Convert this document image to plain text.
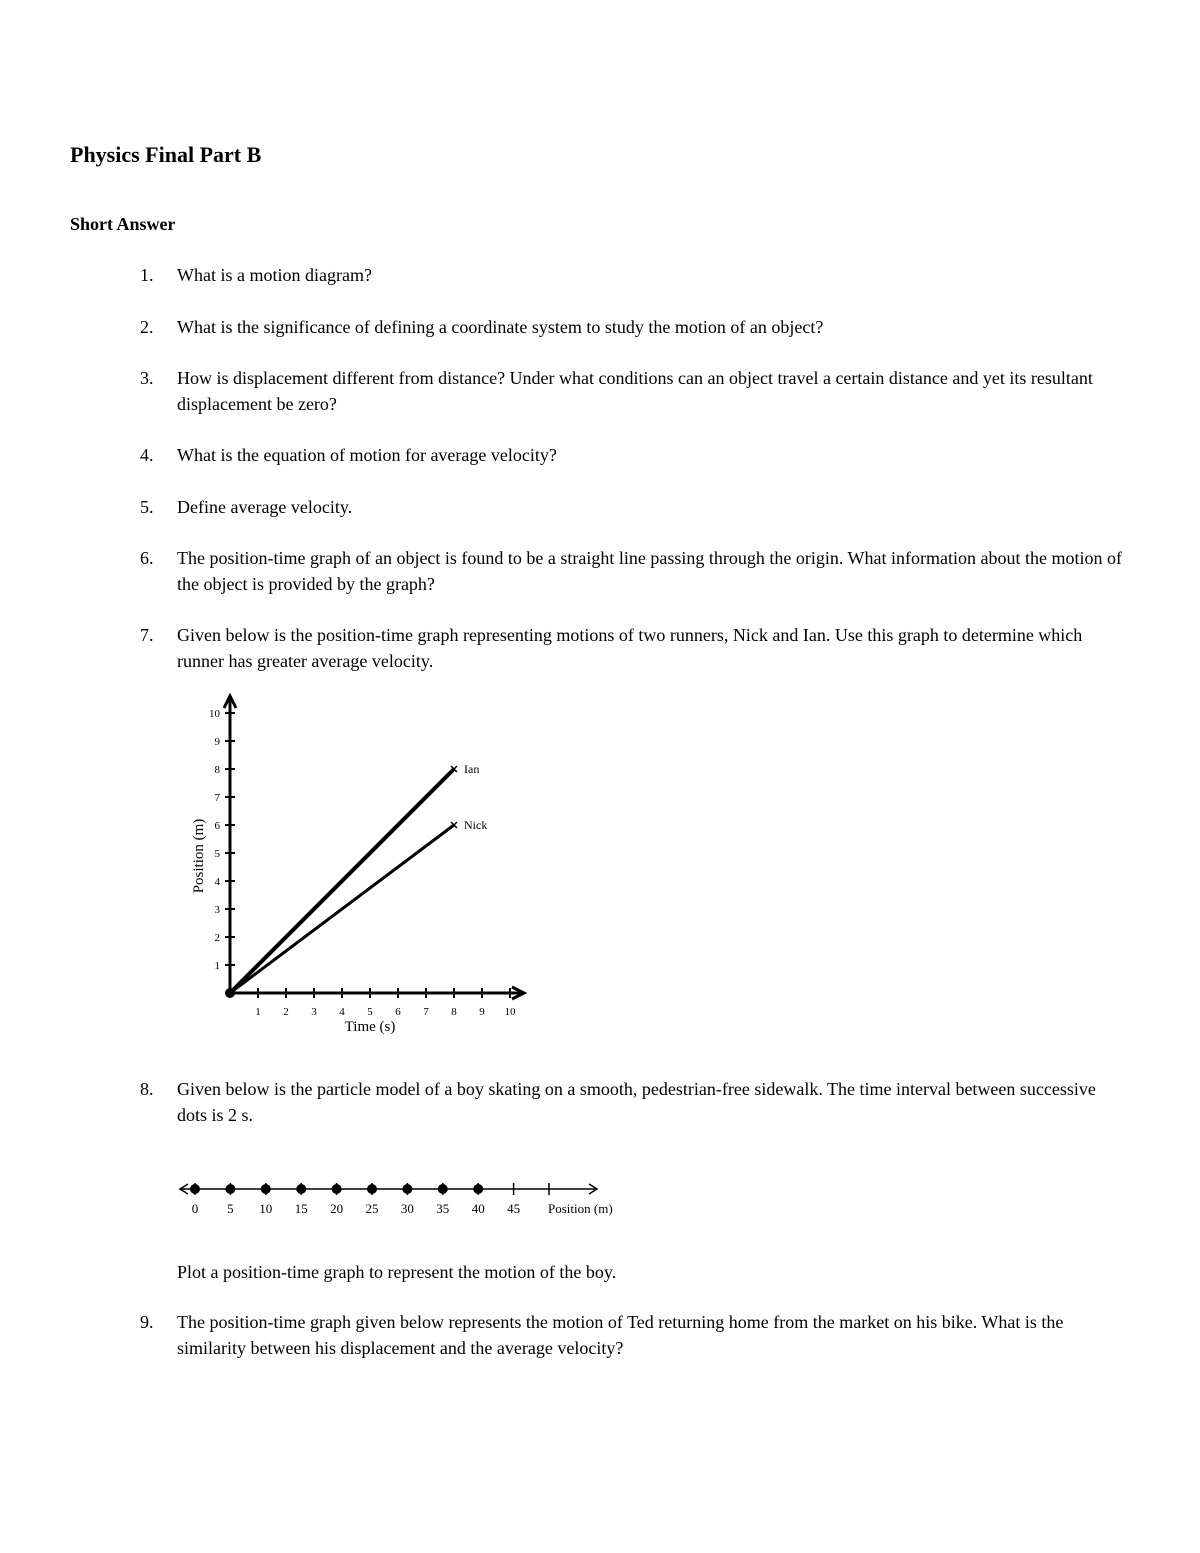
Physics Final Part B
Short Answer
1.	What is a motion diagram?
2.	What is the significance of defining a coordinate system to study the motion of an object?
3.	How is displacement different from distance? Under what conditions can an object travel a certain distance and yet its resultant displacement be zero?
4.	What is the equation of motion for average velocity?
5.	Define average velocity.
6.	The position-time graph of an object is found to be a straight line passing through the origin. What information about the motion of the object is provided by the graph?
7.	Given below is the position-time graph representing motions of two runners, Nick and Ian. Use this graph to determine which runner has greater average velocity.
1
2
3
4
5
6
7
8
9
10
1 2 3 4 5 6 7 8 9 10
Time (s)
Position (m)
Ian
Nick
8.	Given below is the particle model of a boy skating on a smooth, pedestrian-free sidewalk. The time interval between successive dots is 2 s.
0 5 10 15 20 25 30 35 40 45 Position (m)
Plot a position-time graph to represent the motion of the boy.
9.	The position-time graph given below represents the motion of Ted returning home from the market on his bike. What is the similarity between his displacement and the average velocity?
